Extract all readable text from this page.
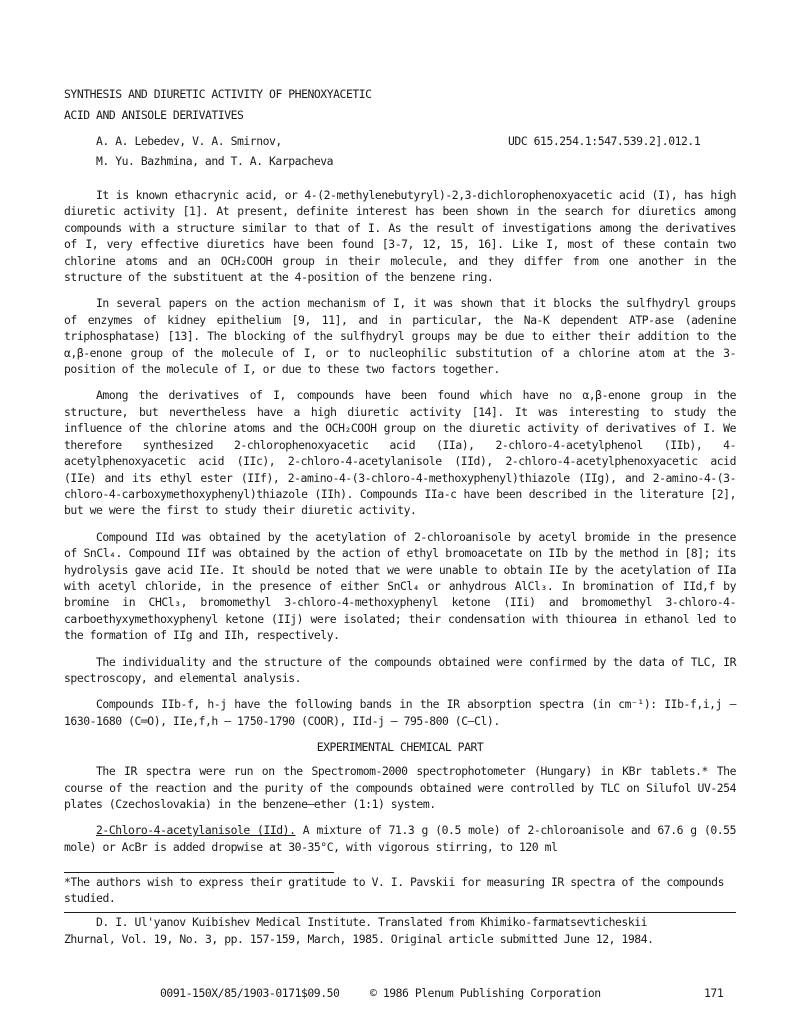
SYNTHESIS AND DIURETIC ACTIVITY OF PHENOXYACETIC
ACID AND ANISOLE DERIVATIVES
A. A. Lebedev, V. A. Smirnov,
M. Yu. Bazhmina, and T. A. Karpacheva
UDC 615.254.1:547.539.2].012.1

It is known ethacrynic acid, or 4-(2-methylenebutyryl)-2,3-dichlorophenoxyacetic acid (I), has high diuretic activity [1]. At present, definite interest has been shown in the search for diuretics among compounds with a structure similar to that of I. As the result of investigations among the derivatives of I, very effective diuretics have been found [3-7, 12, 15, 16]. Like I, most of these contain two chlorine atoms and an OCH₂COOH group in their molecule, and they differ from one another in the structure of the substituent at the 4-position of the benzene ring.

In several papers on the action mechanism of I, it was shown that it blocks the sulfhydryl groups of enzymes of kidney epithelium [9, 11], and in particular, the Na-K dependent ATP-ase (adenine triphosphatase) [13]. The blocking of the sulfhydryl groups may be due to either their addition to the α,β-enone group of the molecule of I, or to nucleophilic substitution of a chlorine atom at the 3-position of the molecule of I, or due to these two factors together.

Among the derivatives of I, compounds have been found which have no α,β-enone group in the structure, but nevertheless have a high diuretic activity [14]. It was interesting to study the influence of the chlorine atoms and the OCH₂COOH group on the diuretic activity of derivatives of I. We therefore synthesized 2-chlorophenoxyacetic acid (IIa), 2-chloro-4-acetylphenol (IIb), 4-acetylphenoxyacetic acid (IIc), 2-chloro-4-acetylanisole (IId), 2-chloro-4-acetylphenoxyacetic acid (IIe) and its ethyl ester (IIf), 2-amino-4-(3-chloro-4-methoxyphenyl)thiazole (IIg), and 2-amino-4-(3-chloro-4-carboxymethoxyphenyl)thiazole (IIh). Compounds IIa-c have been described in the literature [2], but we were the first to study their diuretic activity.

Compound IId was obtained by the acetylation of 2-chloroanisole by acetyl bromide in the presence of SnCl₄. Compound IIf was obtained by the action of ethyl bromoacetate on IIb by the method in [8]; its hydrolysis gave acid IIe. It should be noted that we were unable to obtain IIe by the acetylation of IIa with acetyl chloride, in the presence of either SnCl₄ or anhydrous AlCl₃. In bromination of IId,f by bromine in CHCl₃, bromomethyl 3-chloro-4-methoxyphenyl ketone (IIi) and bromomethyl 3-chloro-4-carboethyxymethoxyphenyl ketone (IIj) were isolated; their condensation with thiourea in ethanol led to the formation of IIg and IIh, respectively.

The individuality and the structure of the compounds obtained were confirmed by the data of TLC, IR spectroscopy, and elemental analysis.

Compounds IIb-f, h-j have the following bands in the IR absorption spectra (in cm⁻¹): IIb-f,i,j — 1630-1680 (C═O), IIe,f,h — 1750-1790 (COOR), IId-j — 795-800 (C—Cl).

EXPERIMENTAL CHEMICAL PART

The IR spectra were run on the Spectromom-2000 spectrophotometer (Hungary) in KBr tablets.* The course of the reaction and the purity of the compounds obtained were controlled by TLC on Silufol UV-254 plates (Czechoslovakia) in the benzene—ether (1:1) system.

2-Chloro-4-acetylanisole (IId). A mixture of 71.3 g (0.5 mole) of 2-chloroanisole and 67.6 g (0.55 mole) or AcBr is added dropwise at 30-35°C, with vigorous stirring, to 120 ml

*The authors wish to express their gratitude to V. I. Pavskii for measuring IR spectra of the compounds studied.
D. I. Ul'yanov Kuibishev Medical Institute. Translated from Khimiko-farmatsevticheskii
Zhurnal, Vol. 19, No. 3, pp. 157-159, March, 1985. Original article submitted June 12, 1984.
0091-150X/85/1903-0171$09.50	© 1986 Plenum Publishing Corporation	171
